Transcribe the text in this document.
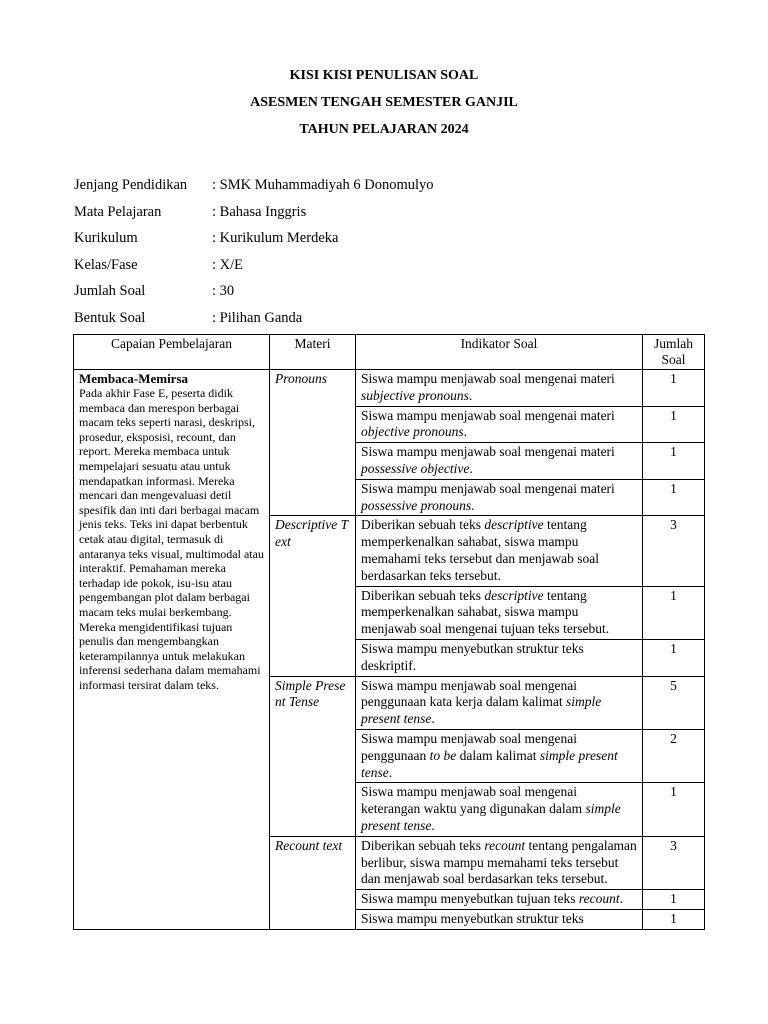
KISI KISI PENULISAN SOAL
ASESMEN TENGAH SEMESTER GANJIL
TAHUN PELAJARAN 2024
Jenjang Pendidikan : SMK Muhammadiyah 6 Donomulyo
Mata Pelajaran	: Bahasa Inggris
Kurikulum	: Kurikulum Merdeka
Kelas/Fase	: X/E
Jumlah Soal	: 30
Bentuk Soal	: Pilihan Ganda
Capaian Pembelajaran	Materi	Indikator Soal	Jumlah Soal

Membaca-Memirsa
Pada akhir Fase E, peserta didik membaca dan merespon berbagai macam teks seperti narasi, deskripsi, prosedur, eksposisi, recount, dan report. Mereka membaca untuk mempelajari sesuatu atau untuk mendapatkan informasi. Mereka mencari dan mengevaluasi detil spesifik dan inti dari berbagai macam jenis teks. Teks ini dapat berbentuk cetak atau digital, termasuk di antaranya teks visual, multimodal atau interaktif. Pemahaman mereka terhadap ide pokok, isu-isu atau pengembangan plot dalam berbagai macam teks mulai berkembang. Mereka mengidentifikasi tujuan penulis dan mengembangkan keterampilannya untuk melakukan inferensi sederhana dalam memahami informasi tersirat dalam teks.	Pronouns	Siswa mampu menjawab soal mengenai materi subjective pronouns.	1
		Siswa mampu menjawab soal mengenai materi objective pronouns.	1
		Siswa mampu menjawab soal mengenai materi possessive objective.	1
		Siswa mampu menjawab soal mengenai materi possessive pronouns.	1
	Descriptive Text	Diberikan sebuah teks descriptive tentang memperkenalkan sahabat, siswa mampu memahami teks tersebut dan menjawab soal berdasarkan teks tersebut.	3
		Diberikan sebuah teks descriptive tentang memperkenalkan sahabat, siswa mampu menjawab soal mengenai tujuan teks tersebut.	1
		Siswa mampu menyebutkan struktur teks deskriptif.	1
	Simple Present Tense	Siswa mampu menjawab soal mengenai penggunaan kata kerja dalam kalimat simple present tense.	5
		Siswa mampu menjawab soal mengenai penggunaan to be dalam kalimat simple present tense.	2
		Siswa mampu menjawab soal mengenai keterangan waktu yang digunakan dalam simple present tense.	1
	Recount text	Diberikan sebuah teks recount tentang pengalaman berlibur, siswa mampu memahami teks tersebut dan menjawab soal berdasarkan teks tersebut.	3
		Siswa mampu menyebutkan tujuan teks recount.	1
		Siswa mampu menyebutkan struktur teks	1
